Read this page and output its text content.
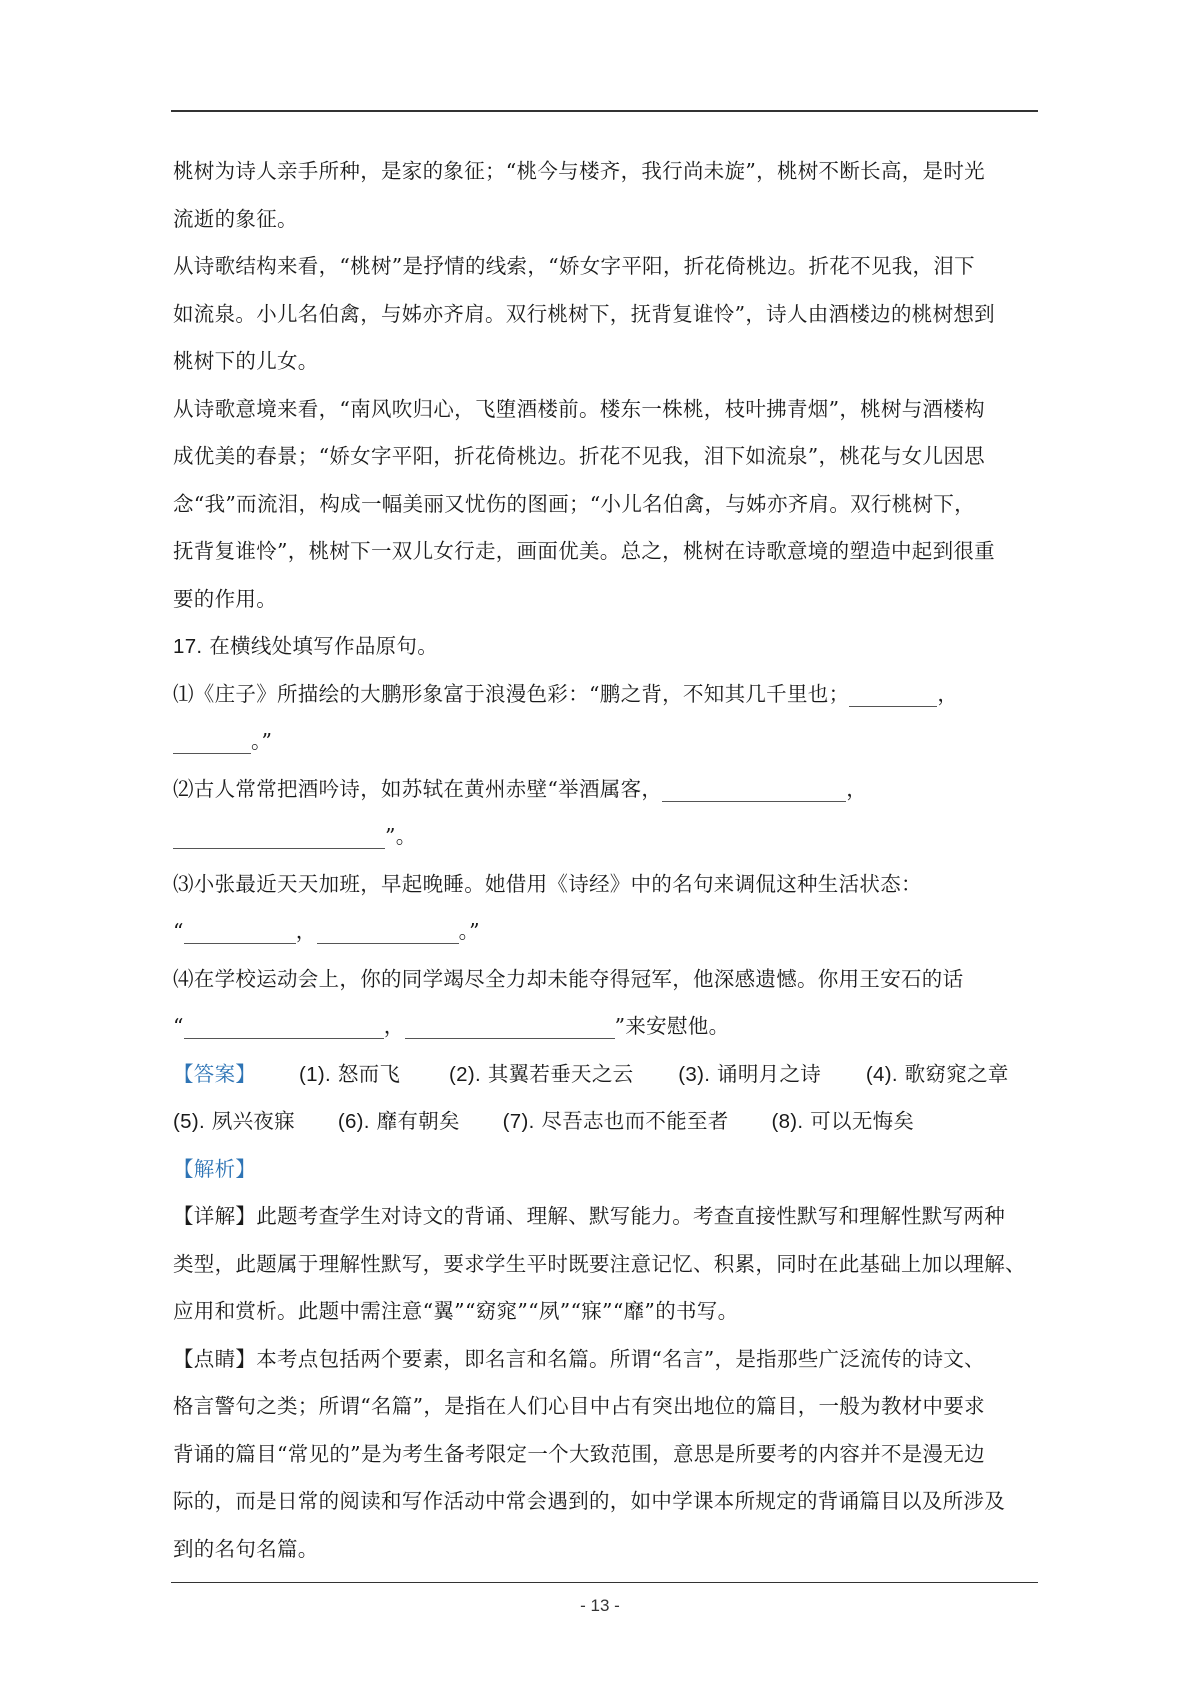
桃树为诗人亲手所种，是家的象征；“桃今与楼齐，我行尚未旋”，桃树不断长高，是时光

流逝的象征。

从诗歌结构来看，“桃树”是抒情的线索，“娇女字平阳，折花倚桃边。折花不见我，泪下

如流泉。小儿名伯禽，与姊亦齐肩。双行桃树下，抚背复谁怜”，诗人由酒楼边的桃树想到

桃树下的儿女。

从诗歌意境来看，“南风吹归心，飞堕酒楼前。楼东一株桃，枝叶拂青烟”，桃树与酒楼构

成优美的春景；“娇女字平阳，折花倚桃边。折花不见我，泪下如流泉”，桃花与女儿因思

念“我”而流泪，构成一幅美丽又忧伤的图画；“小儿名伯禽，与姊亦齐肩。双行桃树下，

抚背复谁怜”，桃树下一双儿女行走，画面优美。总之，桃树在诗歌意境的塑造中起到很重

要的作用。

17. 在横线处填写作品原句。

⑴《庄子》所描绘的大鹏形象富于浪漫色彩：“鹏之背，不知其几千里也；	，

。”

⑵古人常常把酒吟诗，如苏轼在黄州赤壁“举酒属客，	，

”。

⑶小张最近天天加班，早起晚睡。她借用《诗经》中的名句来调侃这种生活状态：

“	，	。”

⑷在学校运动会上，你的同学竭尽全力却未能夺得冠军，他深感遗憾。你用王安石的话

“	，	”来安慰他。

【答案】 (1). 怒而飞 (2). 其翼若垂天之云 (3). 诵明月之诗 (4). 歌窈窕之章

(5). 夙兴夜寐 (6). 靡有朝矣 (7). 尽吾志也而不能至者 (8). 可以无悔矣

【解析】

【详解】此题考查学生对诗文的背诵、理解、默写能力。考查直接性默写和理解性默写两种

类型，此题属于理解性默写，要求学生平时既要注意记忆、积累，同时在此基础上加以理解、

应用和赏析。此题中需注意“翼”“窈窕”“夙”“寐”“靡”的书写。

【点睛】本考点包括两个要素，即名言和名篇。所谓“名言”，是指那些广泛流传的诗文、

格言警句之类；所谓“名篇”，是指在人们心目中占有突出地位的篇目，一般为教材中要求

背诵的篇目“常见的”是为考生备考限定一个大致范围，意思是所要考的内容并不是漫无边

际的，而是日常的阅读和写作活动中常会遇到的，如中学课本所规定的背诵篇目以及所涉及

到的名句名篇。

- 13 -
